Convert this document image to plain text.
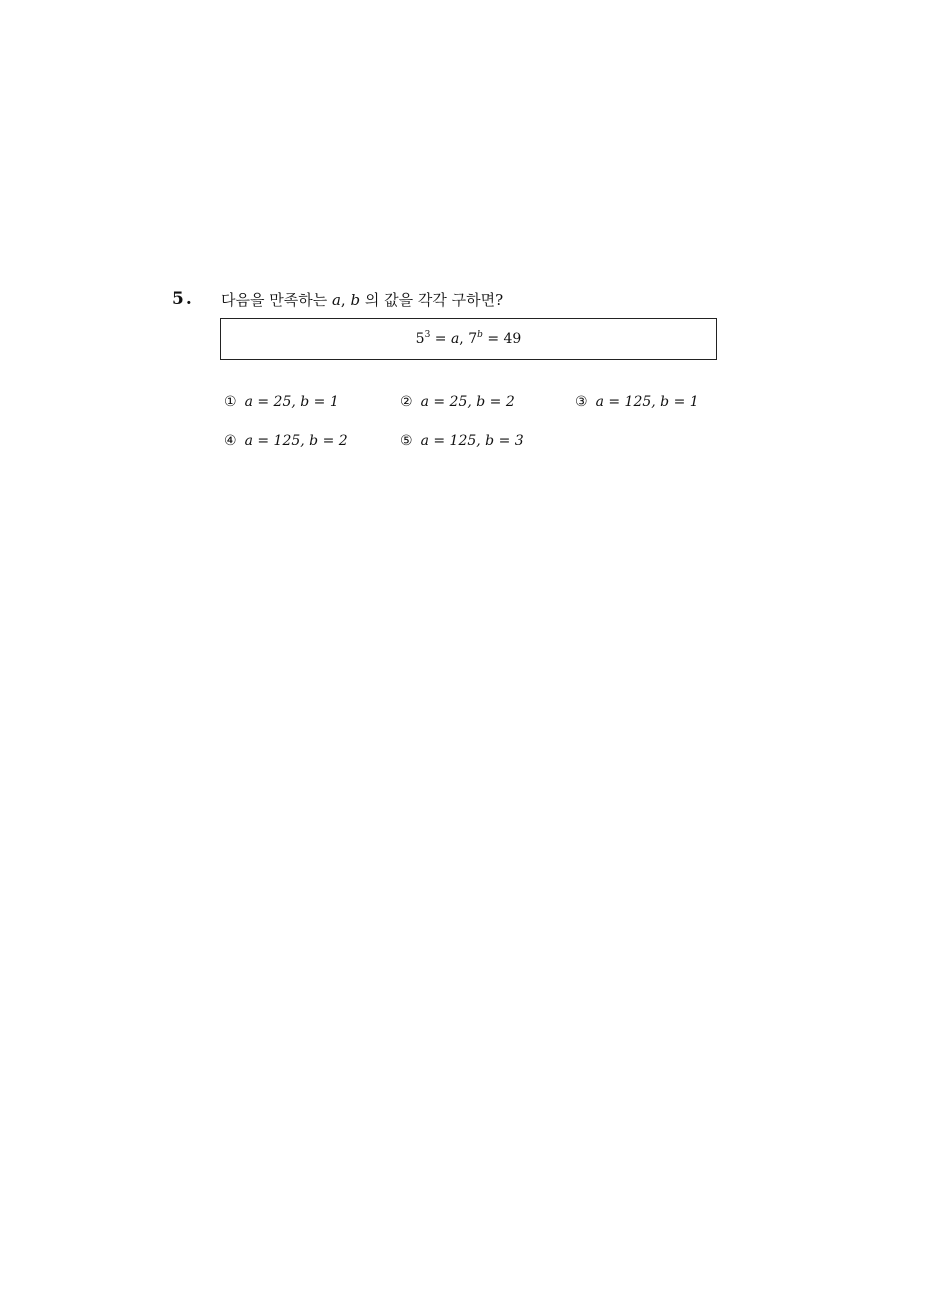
5. 다음을 만족하는 a, b 의 값을 각각 구하면?
$5^3 = a$, $7^b = 49$
① a = 25, b = 1	② a = 25, b = 2	③ a = 125, b = 1
④ a = 125, b = 2	⑤ a = 125, b = 3
